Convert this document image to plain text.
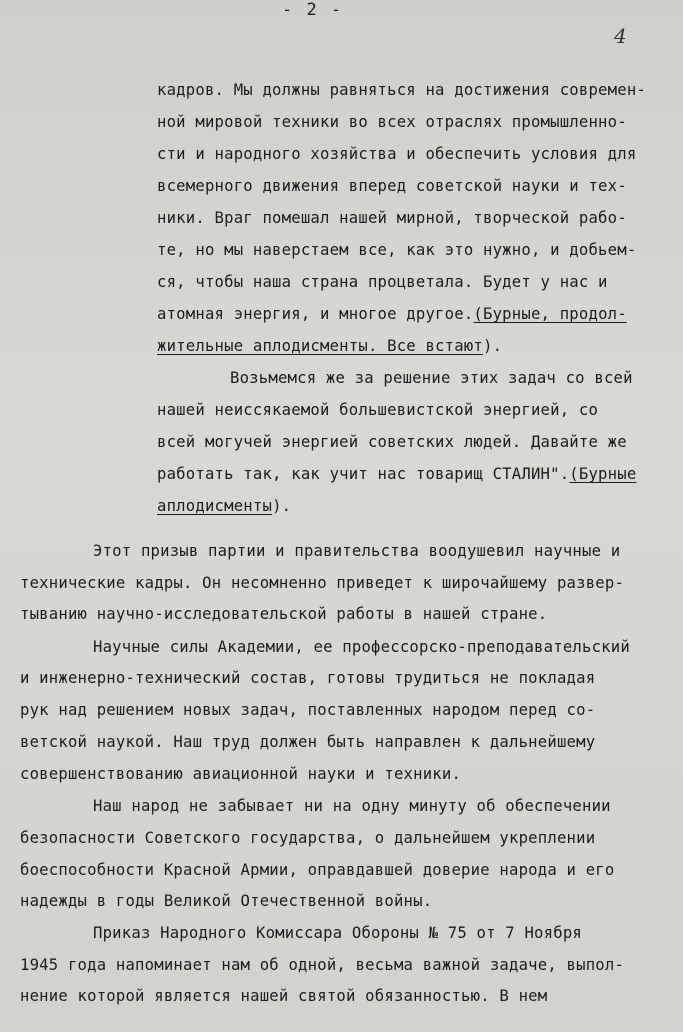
- 2 -
4
кадров. Мы должны равняться на достижения современ-
ной мировой техники во всех отраслях промышленно-
сти и народного хозяйства и обеспечить условия для
всемерного движения вперед советской науки и тех-
ники. Враг помешал нашей мирной, творческой рабо-
те, но мы наверстаем все, как это нужно, и добьем-
ся, чтобы наша страна процветала. Будет у нас и
атомная энергия, и многое другое.(Бурные, продол-
жительные аплодисменты. Все встают).
Возьмемся же за решение этих задач со всей
нашей неиссякаемой большевистской энергией, со
всей могучей энергией советских людей. Давайте же
работать так, как учит нас товарищ СТАЛИН".(Бурные
аплодисменты).
Этот призыв партии и правительства воодушевил научные и
технические кадры. Он несомненно приведет к широчайшему развер-
тыванию научно-исследовательской работы в нашей стране.
Научные силы Академии, ее профессорско-преподавательский
и инженерно-технический состав, готовы трудиться не покладая
рук над решением новых задач, поставленных народом перед со-
ветской наукой. Наш труд должен быть направлен к дальнейшему
совершенствованию авиационной науки и техники.
Наш народ не забывает ни на одну минуту об обеспечении
безопасности Советского государства, о дальнейшем укреплении
боеспособности Красной Армии, оправдавшей доверие народа и его
надежды в годы Великой Отечественной войны.
Приказ Народного Комиссара Обороны № 75 от 7 Ноября
1945 года напоминает нам об одной, весьма важной задаче, выпол-
нение которой является нашей святой обязанностью. В нем
